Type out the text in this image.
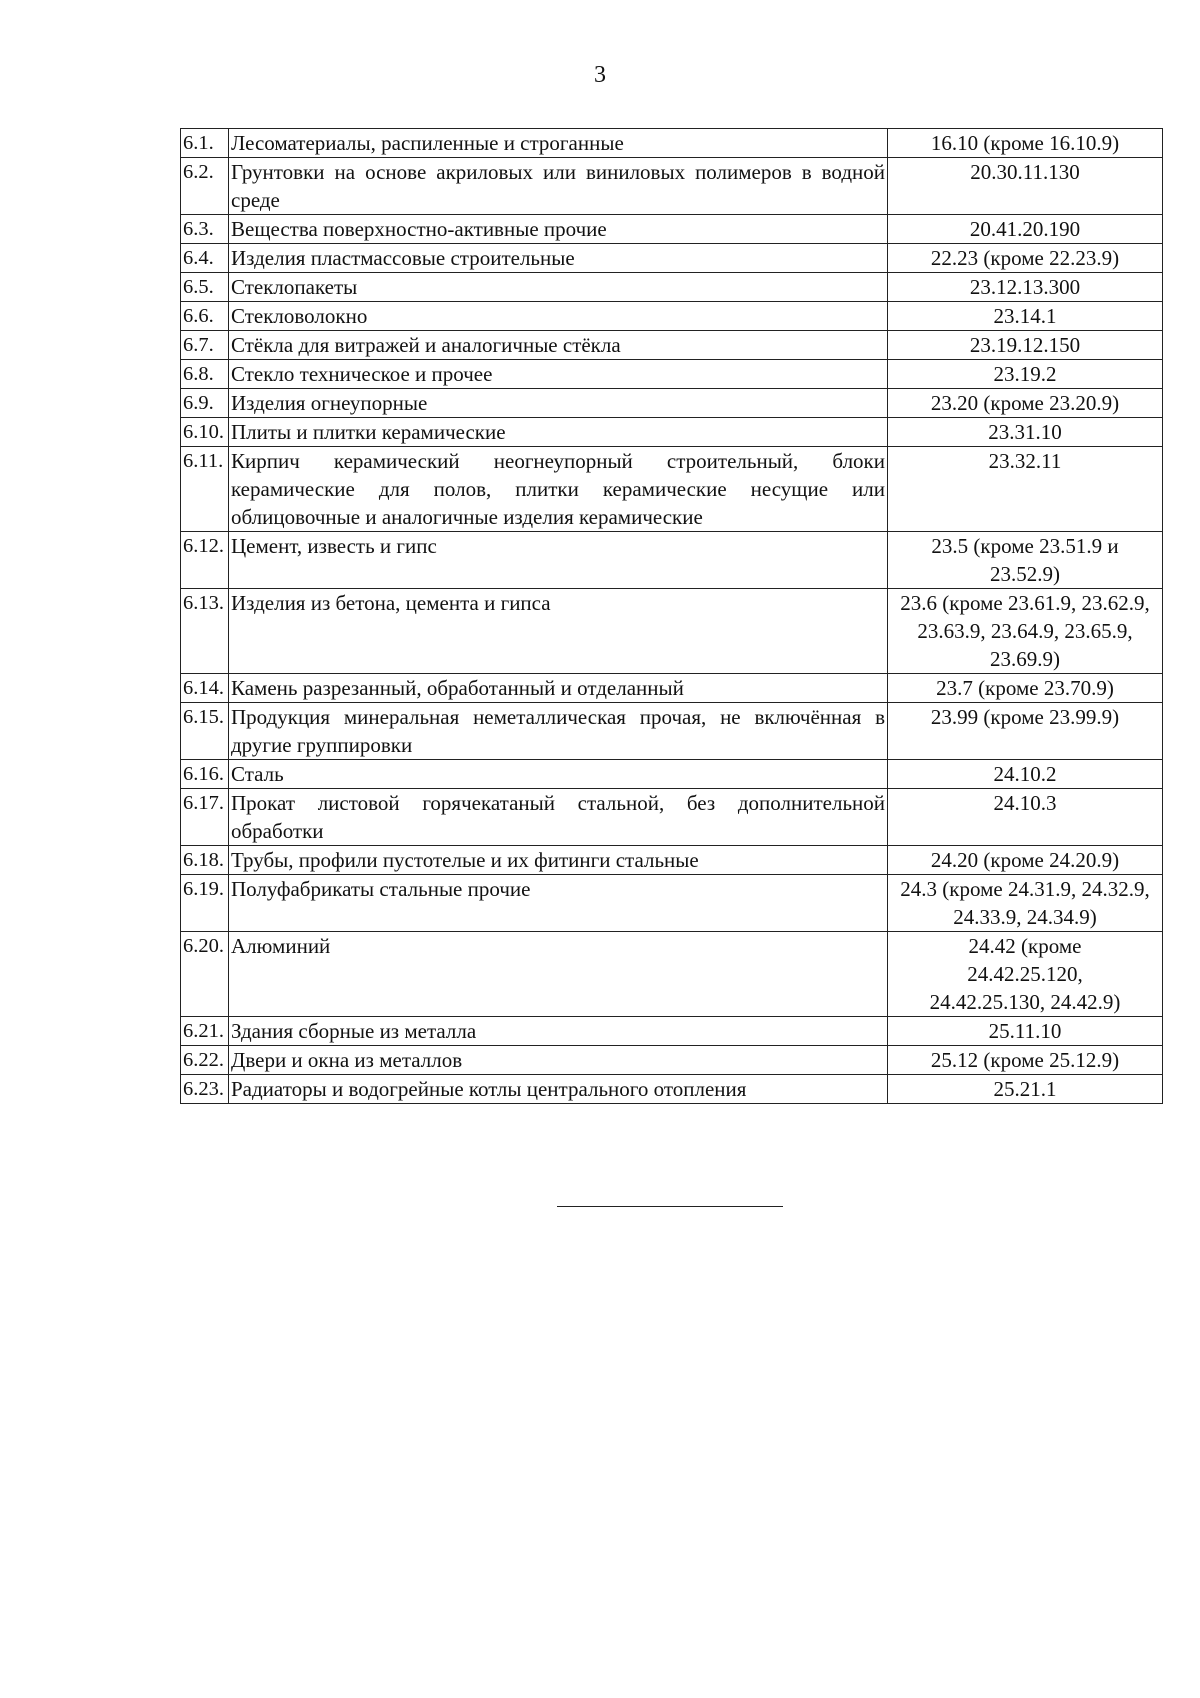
3
6.1.	Лесоматериалы, распиленные и строганные	16.10 (кроме 16.10.9)
6.2.	Грунтовки на основе акриловых или виниловых полимеров в водной среде	20.30.11.130
6.3.	Вещества поверхностно-активные прочие	20.41.20.190
6.4.	Изделия пластмассовые строительные	22.23 (кроме 22.23.9)
6.5.	Стеклопакеты	23.12.13.300
6.6.	Стекловолокно	23.14.1
6.7.	Стёкла для витражей и аналогичные стёкла	23.19.12.150
6.8.	Стекло техническое и прочее	23.19.2
6.9.	Изделия огнеупорные	23.20 (кроме 23.20.9)
6.10.	Плиты и плитки керамические	23.31.10
6.11.	Кирпич керамический неогнеупорный строительный, блоки керамические для полов, плитки керамические несущие или облицовочные и аналогичные изделия керамические	23.32.11
6.12.	Цемент, известь и гипс	23.5 (кроме 23.51.9 и 23.52.9)
6.13.	Изделия из бетона, цемента и гипса	23.6 (кроме 23.61.9, 23.62.9, 23.63.9, 23.64.9, 23.65.9, 23.69.9)
6.14.	Камень разрезанный, обработанный и отделанный	23.7 (кроме 23.70.9)
6.15.	Продукция минеральная неметаллическая прочая, не включённая в другие группировки	23.99 (кроме 23.99.9)
6.16.	Сталь	24.10.2
6.17.	Прокат листовой горячекатаный стальной, без дополнительной обработки	24.10.3
6.18.	Трубы, профили пустотелые и их фитинги стальные	24.20 (кроме 24.20.9)
6.19.	Полуфабрикаты стальные прочие	24.3 (кроме 24.31.9, 24.32.9, 24.33.9, 24.34.9)
6.20.	Алюминий	24.42 (кроме 24.42.25.120, 24.42.25.130, 24.42.9)
6.21.	Здания сборные из металла	25.11.10
6.22.	Двери и окна из металлов	25.12 (кроме 25.12.9)
6.23.	Радиаторы и водогрейные котлы центрального отопления	25.21.1
